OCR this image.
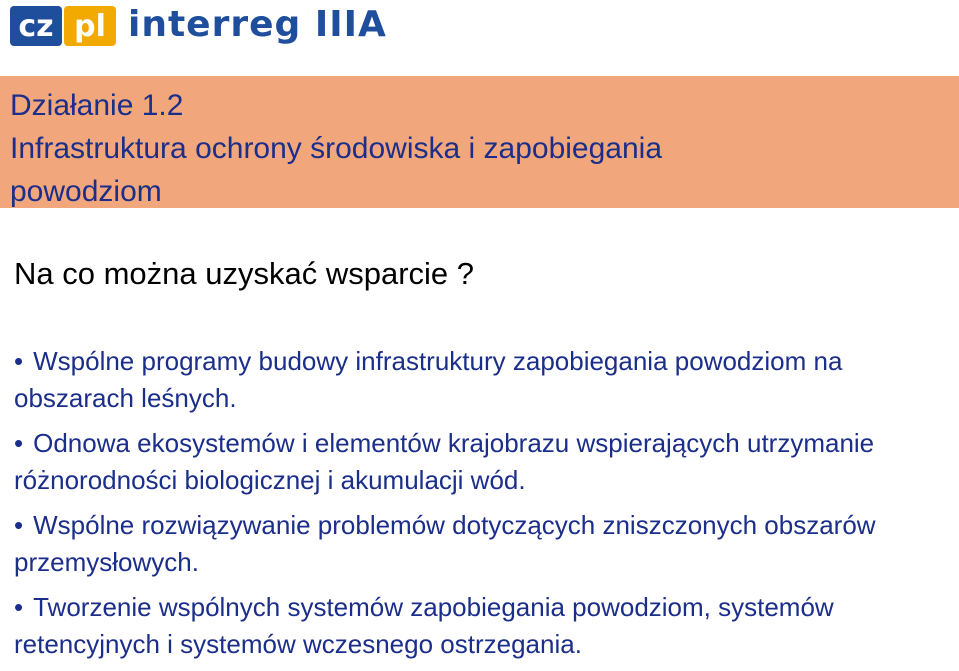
cz pl interreg IIIA
Działanie 1.2
Infrastruktura ochrony środowiska i zapobiegania
powodziom
Na co można uzyskać wsparcie ?

• Wspólne programy budowy infrastruktury zapobiegania powodziom na obszarach leśnych.

• Odnowa ekosystemów i elementów krajobrazu wspierających utrzymanie różnorodności biologicznej i akumulacji wód.

• Wspólne rozwiązywanie problemów dotyczących zniszczonych obszarów przemysłowych.

• Tworzenie wspólnych systemów zapobiegania powodziom, systemów retencyjnych i systemów wczesnego ostrzegania.
